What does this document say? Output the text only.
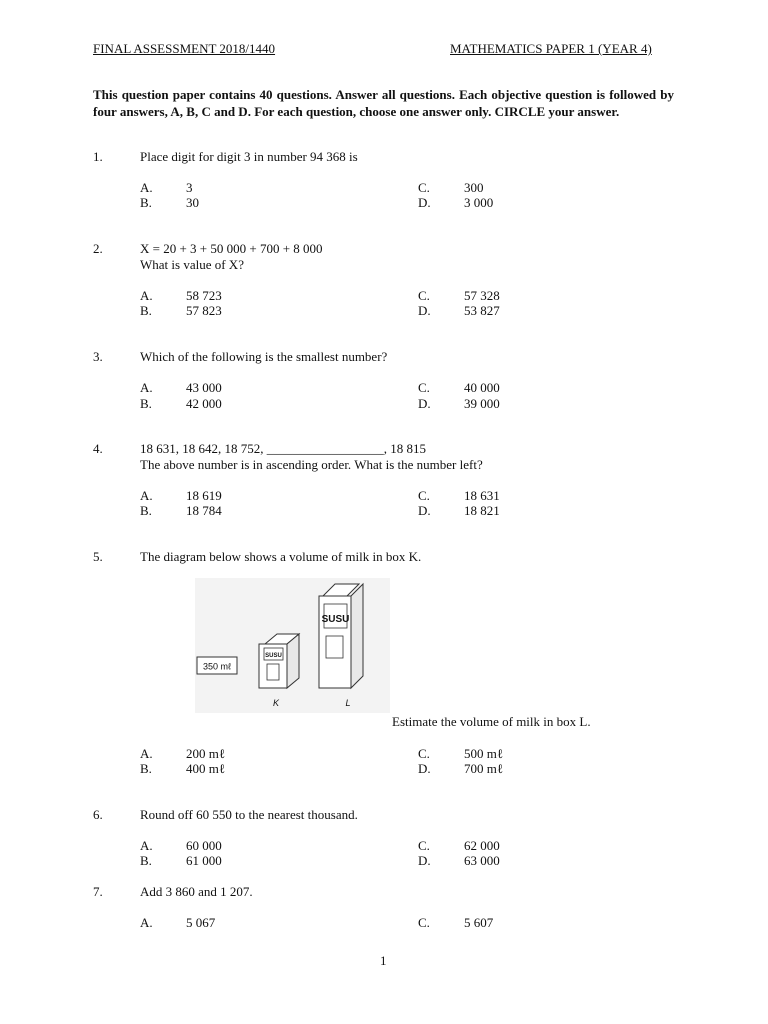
FINAL ASSESSMENT 2018/1440	MATHEMATICS PAPER 1 (YEAR 4)
This question paper contains 40 questions. Answer all questions. Each objective question is followed by four answers, A, B, C and D. For each question, choose one answer only. CIRCLE your answer.
1.	Place digit for digit 3 in number 94 368 is
A.	3
B.	30
C.	300
D.	3 000
2.	X = 20 + 3 + 50 000 + 700 + 8 000
What is value of X?
A.	58 723
B.	57 823
C.	57 328
D.	53 827
3.	Which of the following is the smallest number?
A.	43 000
B.	42 000
C.	40 000
D.	39 000
4.	18 631, 18 642, 18 752, __________________, 18 815
The above number is in ascending order. What is the number left?
A.	18 619
B.	18 784
C.	18 631
D.	18 821
5.	The diagram below shows a volume of milk in box K.
350 mℓ
SUSU
K
SUSU
L
Estimate the volume of milk in box L.
A.	200 mℓ
B.	400 mℓ
C.	500 mℓ
D.	700 mℓ
6.	Round off 60 550 to the nearest thousand.
A.	60 000
B.	61 000
C.	62 000
D.	63 000
7.	Add 3 860 and 1 207.
A.	5 067	C.	5 607
1
